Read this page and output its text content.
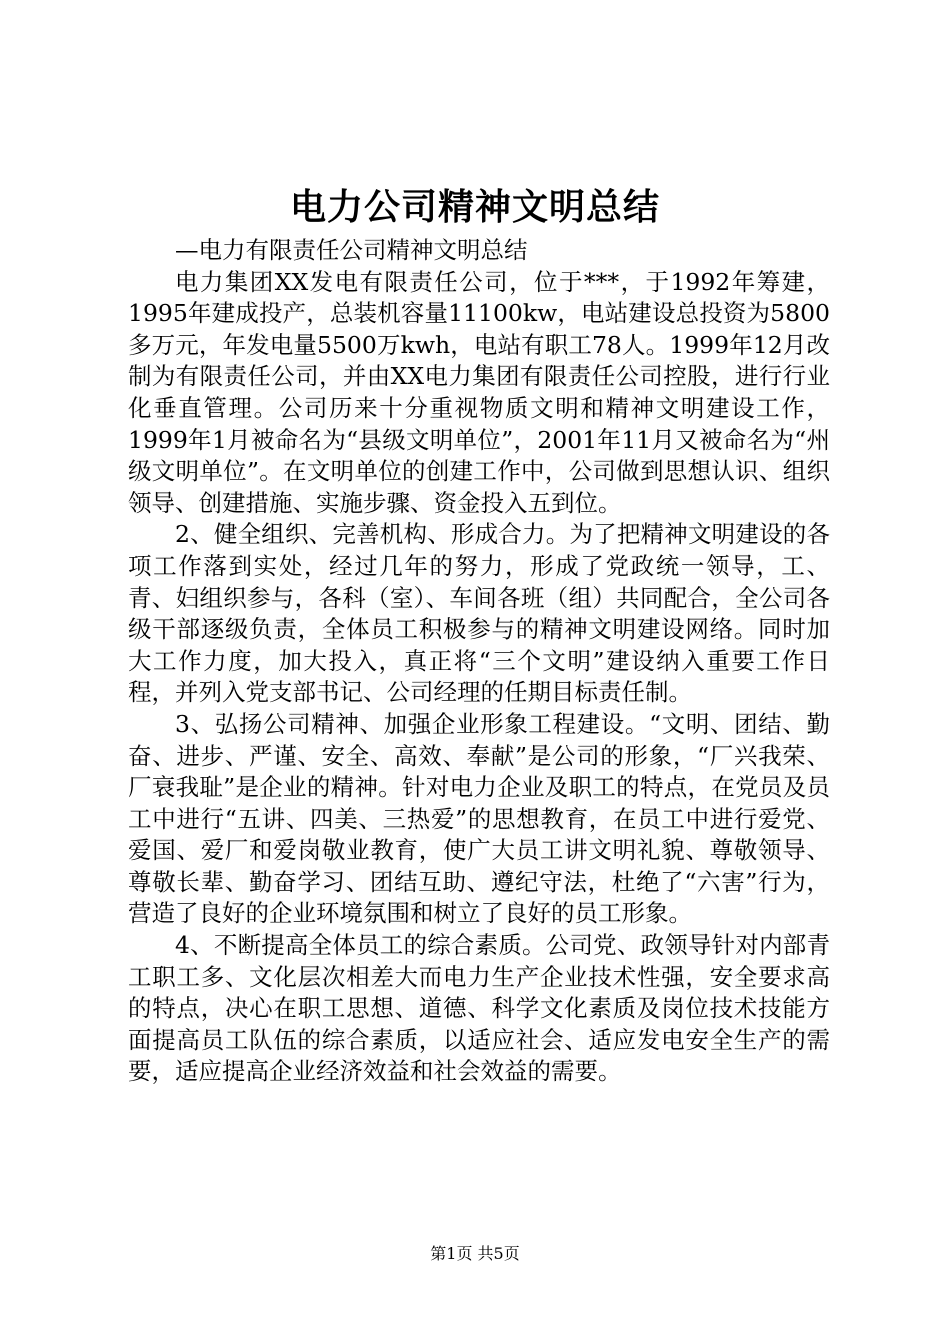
电力公司精神文明总结

—电力有限责任公司精神文明总结

电力集团XX发电有限责任公司，位于***，于1992年筹建，1995年建成投产，总装机容量11100kw，电站建设总投资为5800多万元，年发电量5500万kwh，电站有职工78人。1999年12月改制为有限责任公司，并由XX电力集团有限责任公司控股，进行行业化垂直管理。公司历来十分重视物质文明和精神文明建设工作，1999年1月被命名为“县级文明单位”，2001年11月又被命名为“州级文明单位”。在文明单位的创建工作中，公司做到思想认识、组织领导、创建措施、实施步骤、资金投入五到位。

2、健全组织、完善机构、形成合力。为了把精神文明建设的各项工作落到实处，经过几年的努力，形成了党政统一领导，工、青、妇组织参与，各科（室）、车间各班（组）共同配合，全公司各级干部逐级负责，全体员工积极参与的精神文明建设网络。同时加大工作力度，加大投入，真正将“三个文明”建设纳入重要工作日程，并列入党支部书记、公司经理的任期目标责任制。

3、弘扬公司精神、加强企业形象工程建设。“文明、团结、勤奋、进步、严谨、安全、高效、奉献”是公司的形象，“厂兴我荣、厂衰我耻”是企业的精神。针对电力企业及职工的特点，在党员及员工中进行“五讲、四美、三热爱”的思想教育，在员工中进行爱党、爱国、爱厂和爱岗敬业教育，使广大员工讲文明礼貌、尊敬领导、尊敬长辈、勤奋学习、团结互助、遵纪守法，杜绝了“六害”行为，营造了良好的企业环境氛围和树立了良好的员工形象。

4、不断提高全体员工的综合素质。公司党、政领导针对内部青工职工多、文化层次相差大而电力生产企业技术性强，安全要求高的特点，决心在职工思想、道德、科学文化素质及岗位技术技能方面提高员工队伍的综合素质，以适应社会、适应发电安全生产的需要，适应提高企业经济效益和社会效益的需要。

第1页 共5页
